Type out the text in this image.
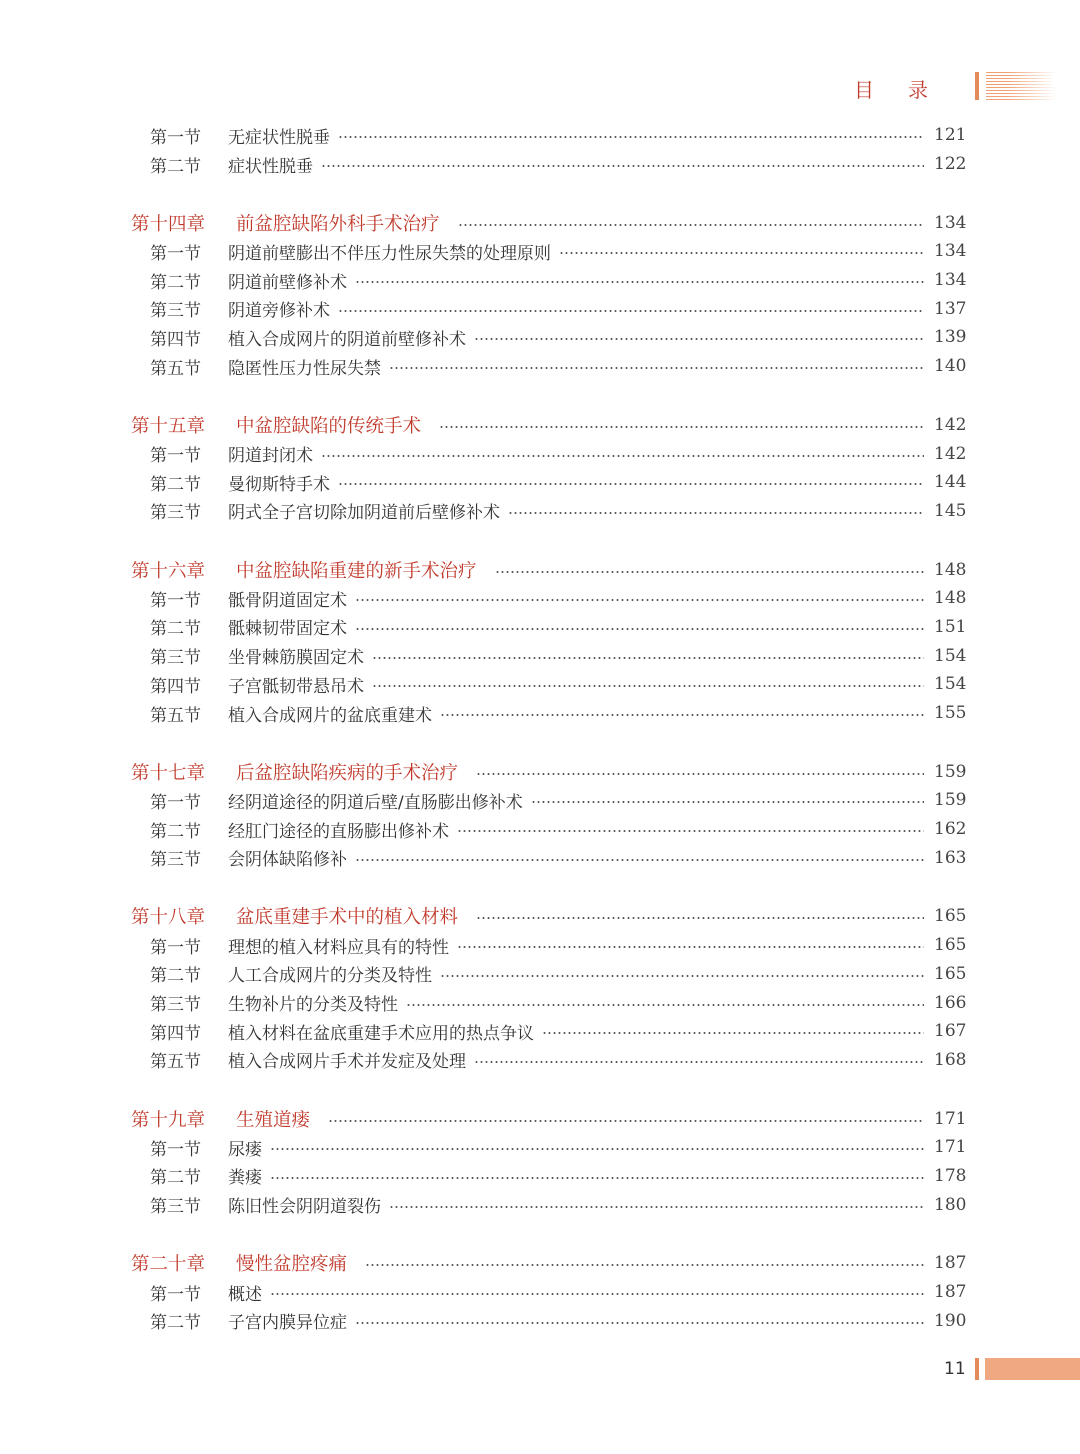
目录
第一节	无症状性脱垂	121
第二节	症状性脱垂	122
第十四章	前盆腔缺陷外科手术治疗	134
第一节	阴道前壁膨出不伴压力性尿失禁的处理原则	134
第二节	阴道前壁修补术	134
第三节	阴道旁修补术	137
第四节	植入合成网片的阴道前壁修补术	139
第五节	隐匿性压力性尿失禁	140
第十五章	中盆腔缺陷的传统手术	142
第一节	阴道封闭术	142
第二节	曼彻斯特手术	144
第三节	阴式全子宫切除加阴道前后壁修补术	145
第十六章	中盆腔缺陷重建的新手术治疗	148
第一节	骶骨阴道固定术	148
第二节	骶棘韧带固定术	151
第三节	坐骨棘筋膜固定术	154
第四节	子宫骶韧带悬吊术	154
第五节	植入合成网片的盆底重建术	155
第十七章	后盆腔缺陷疾病的手术治疗	159
第一节	经阴道途径的阴道后壁/直肠膨出修补术	159
第二节	经肛门途径的直肠膨出修补术	162
第三节	会阴体缺陷修补	163
第十八章	盆底重建手术中的植入材料	165
第一节	理想的植入材料应具有的特性	165
第二节	人工合成网片的分类及特性	165
第三节	生物补片的分类及特性	166
第四节	植入材料在盆底重建手术应用的热点争议	167
第五节	植入合成网片手术并发症及处理	168
第十九章	生殖道瘘	171
第一节	尿瘘	171
第二节	粪瘘	178
第三节	陈旧性会阴阴道裂伤	180
第二十章	慢性盆腔疼痛	187
第一节	概述	187
第二节	子宫内膜异位症	190
11
